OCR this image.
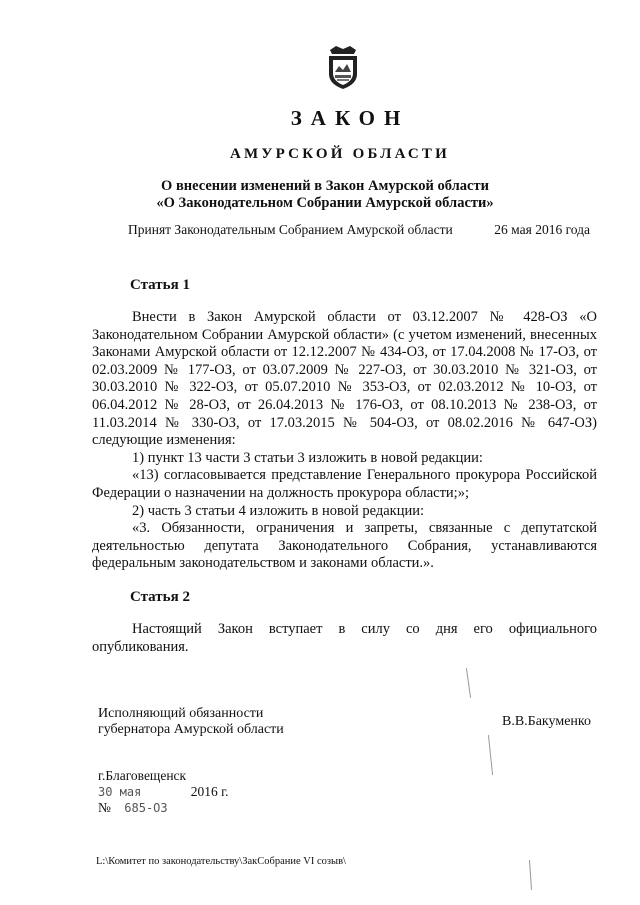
ЗАКОН
АМУРСКОЙ ОБЛАСТИ
О внесении изменений в Закон Амурской области
«О Законодательном Собрании Амурской области»
Принят Законодательным Собранием Амурской области	26 мая 2016 года
Статья 1

Внести в Закон Амурской области от 03.12.2007 № 428-ОЗ «О Законодательном Собрании Амурской области» (с учетом изменений, внесенных Законами Амурской области от 12.12.2007 № 434-ОЗ, от 17.04.2008 № 17-ОЗ, от 02.03.2009 № 177-ОЗ, от 03.07.2009 № 227-ОЗ, от 30.03.2010 № 321-ОЗ, от 30.03.2010 № 322-ОЗ, от 05.07.2010 № 353-ОЗ, от 02.03.2012 № 10-ОЗ, от 06.04.2012 № 28-ОЗ, от 26.04.2013 № 176-ОЗ, от 08.10.2013 № 238-ОЗ, от 11.03.2014 № 330-ОЗ, от 17.03.2015 № 504-ОЗ, от 08.02.2016 № 647-ОЗ) следующие изменения:

1) пункт 13 части 3 статьи 3 изложить в новой редакции:

«13) согласовывается представление Генерального прокурора Российской Федерации о назначении на должность прокурора области;»;

2) часть 3 статьи 4 изложить в новой редакции:

«3. Обязанности, ограничения и запреты, связанные с депутатской деятельностью депутата Законодательного Собрания, устанавливаются федеральным законодательством и законами области.».

Статья 2

Настоящий Закон вступает в силу со дня его официального опубликования.

Исполняющий обязанности
губернатора Амурской области
В.В.Бакуменко
г.Благовещенск
30 мая	2016 г.
№ 685-ОЗ
L:\Комитет по законодательству\ЗакСобрание VI созыв\
